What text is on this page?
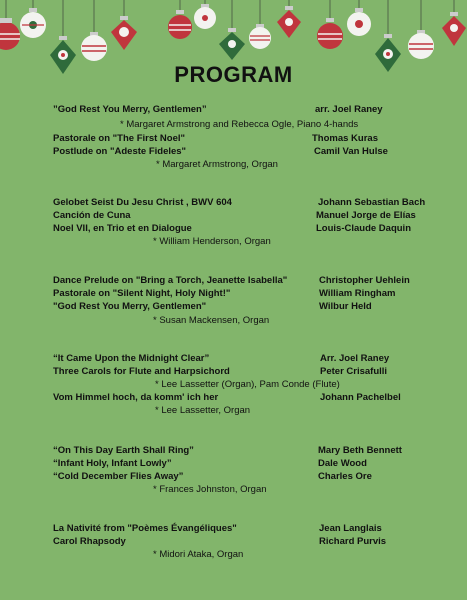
PROGRAM
”God Rest You Merry, Gentlemen”	arr. Joel Raney
* Margaret Armstrong and Rebecca Ogle, Piano 4-hands
Pastorale on "The First Noel"	Thomas Kuras
Postlude on "Adeste Fideles"	Camil Van Hulse
* Margaret Armstrong, Organ
Gelobet Seist Du Jesu Christ , BWV 604	Johann Sebastian Bach
Canción de Cuna	Manuel Jorge de Elías
Noel VII, en Trio et en Dialogue	Louis-Claude Daquin
* William Henderson, Organ
Dance Prelude on "Bring a Torch, Jeanette Isabella"	Christopher Uehlein
Pastorale on "Silent Night, Holy Night!"	William Ringham
"God Rest You Merry, Gentlemen"	Wilbur Held
* Susan Mackensen, Organ
“It Came Upon the Midnight Clear”	Arr. Joel Raney
Three Carols for Flute and Harpsichord	Peter Crisafulli
* Lee Lassetter (Organ), Pam Conde (Flute)
Vom Himmel hoch, da komm' ich her	Johann Pachelbel
* Lee Lassetter, Organ
“On This Day Earth Shall Ring”	Mary Beth Bennett
“Infant Holy, Infant Lowly”	Dale Wood
“Cold December Flies Away”	Charles Ore
* Frances Johnston, Organ
La Nativité from "Poèmes Évangéliques"	Jean Langlais
Carol Rhapsody	Richard Purvis
* Midori Ataka, Organ
